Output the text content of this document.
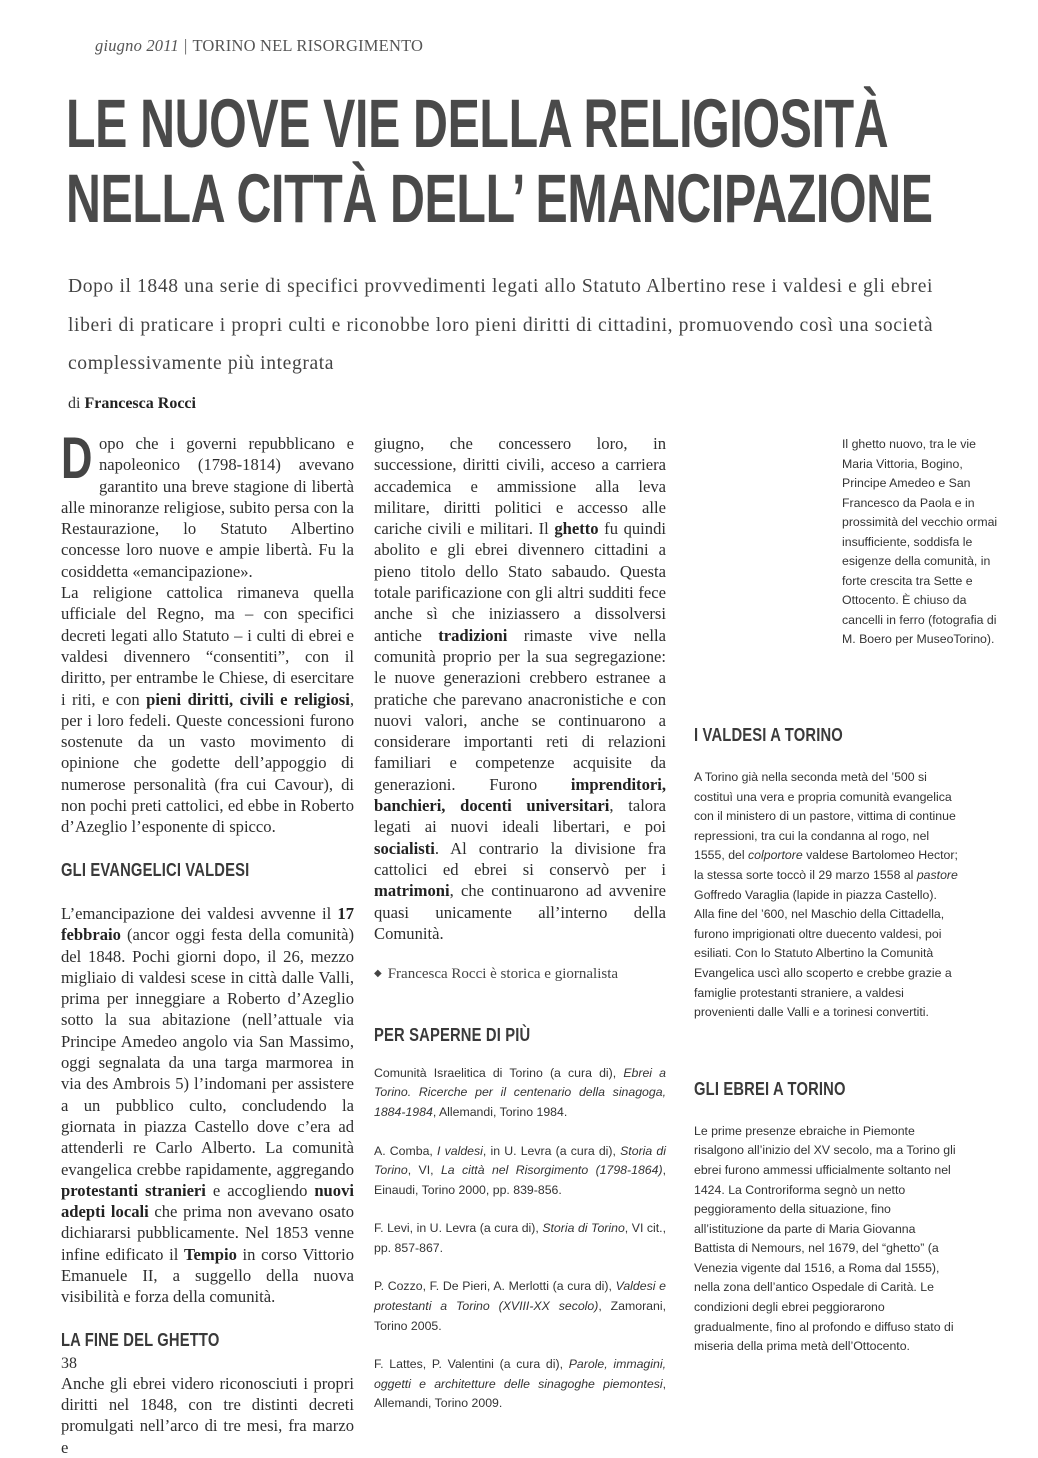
giugno 2011 | TORINO NEL RISORGIMENTO
LE NUOVE VIE DELLA RELIGIOSITÀ
NELLA CITTÀ DELL’ EMANCIPAZIONE

Dopo il 1848 una serie di specifici provvedimenti legati allo Statuto Albertino rese i valdesi e gli ebrei liberi di praticare i propri culti e riconobbe loro pieni diritti di cittadini, promuovendo così una società complessivamente più integrata

di Francesca Rocci

Dopo che i governi repubblicano e napoleonico (1798-1814) avevano garantito una breve stagione di libertà alle minoranze religiose, subito persa con la Restaurazione, lo Statuto Albertino concesse loro nuove e ampie libertà. Fu la cosiddetta «emancipazione».

La religione cattolica rimaneva quella ufficiale del Regno, ma – con specifici decreti legati allo Statuto – i culti di ebrei e valdesi divennero “consentiti”, con il diritto, per entrambe le Chiese, di esercitare i riti, e con pieni diritti, civili e religiosi, per i loro fedeli. Queste concessioni furono sostenute da un vasto movimento di opinione che godette dell’appoggio di numerose personalità (fra cui Cavour), di non pochi preti cattolici, ed ebbe in Roberto d’Azeglio l’esponente di spicco.

GLI EVANGELICI VALDESI

L’emancipazione dei valdesi avvenne il 17 febbraio (ancor oggi festa della comunità) del 1848. Pochi giorni dopo, il 26, mezzo migliaio di valdesi scese in città dalle Valli, prima per inneggiare a Roberto d’Azeglio sotto la sua abitazione (nell’attuale via Principe Amedeo angolo via San Massimo, oggi segnalata da una targa marmorea in via des Ambrois 5) l’indomani per assistere a un pubblico culto, concludendo la giornata in piazza Castello dove c’era ad attenderli re Carlo Alberto. La comunità evangelica crebbe rapidamente, aggregando protestanti stranieri e accogliendo nuovi adepti locali che prima non avevano osato dichiararsi pubblicamente. Nel 1853 venne infine edificato il Tempio in corso Vittorio Emanuele II, a suggello della nuova visibilità e forza della comunità.

LA FINE DEL GHETTO

Anche gli ebrei videro riconosciuti i propri diritti nel 1848, con tre distinti decreti promulgati nell’arco di tre mesi, fra marzo e

giugno, che concessero loro, in successione, diritti civili, acceso a carriera accademica e ammissione alla leva militare, diritti politici e accesso alle cariche civili e militari. Il ghetto fu quindi abolito e gli ebrei divennero cittadini a pieno titolo dello Stato sabaudo. Questa totale parificazione con gli altri sudditi fece anche sì che iniziassero a dissolversi antiche tradizioni rimaste vive nella comunità proprio per la sua segregazione: le nuove generazioni crebbero estranee a pratiche che parevano anacronistiche e con nuovi valori, anche se continuarono a considerare importanti reti di relazioni familiari e competenze acquisite da generazioni. Furono imprenditori, banchieri, docenti universitari, talora legati ai nuovi ideali libertari, e poi socialisti. Al contrario la divisione fra cattolici ed ebrei si conservò per i matrimoni, che continuarono ad avvenire quasi unicamente all’interno della Comunità.

◆ Francesca Rocci è storica e giornalista

PER SAPERNE DI PIÙ

Comunità Israelitica di Torino (a cura di), Ebrei a Torino. Ricerche per il centenario della sinagoga, 1884-1984, Allemandi, Torino 1984.

A. Comba, I valdesi, in U. Levra (a cura di), Storia di Torino, VI, La città nel Risorgimento (1798-1864), Einaudi, Torino 2000, pp. 839-856.

F. Levi, in U. Levra (a cura di), Storia di Torino, VI cit., pp. 857-867.

P. Cozzo, F. De Pieri, A. Merlotti (a cura di), Valdesi e protestanti a Torino (XVIII-XX secolo), Zamorani, Torino 2005.

F. Lattes, P. Valentini (a cura di), Parole, immagini, oggetti e architetture delle sinagoghe piemontesi, Allemandi, Torino 2009.

Il ghetto nuovo, tra le vie Maria Vittoria, Bogino, Principe Amedeo e San Francesco da Paola e in prossimità del vecchio ormai insufficiente, soddisfa le esigenze della comunità, in forte crescita tra Sette e Ottocento. È chiuso da cancelli in ferro (fotografia di M. Boero per MuseoTorino).
I VALDESI A TORINO
A Torino già nella seconda metà del ’500 si costituì una vera e propria comunità evangelica con il ministero di un pastore, vittima di continue repressioni, tra cui la condanna al rogo, nel 1555, del colportore valdese Bartolomeo Hector; la stessa sorte toccò il 29 marzo 1558 al pastore Goffredo Varaglia (lapide in piazza Castello). Alla fine del ’600, nel Maschio della Cittadella, furono imprigionati oltre duecento valdesi, poi esiliati. Con lo Statuto Albertino la Comunità Evangelica uscì allo scoperto e crebbe grazie a famiglie protestanti straniere, a valdesi provenienti dalle Valli e a torinesi convertiti.
GLI EBREI A TORINO
Le prime presenze ebraiche in Piemonte risalgono all’inizio del XV secolo, ma a Torino gli ebrei furono ammessi ufficialmente soltanto nel 1424. La Controriforma segnò un netto peggioramento della situazione, fino all’istituzione da parte di Maria Giovanna Battista di Nemours, nel 1679, del “ghetto” (a Venezia vigente dal 1516, a Roma dal 1555), nella zona dell’antico Ospedale di Carità. Le condizioni degli ebrei peggiorarono gradualmente, fino al profondo e diffuso stato di miseria della prima metà dell’Ottocento.
38
